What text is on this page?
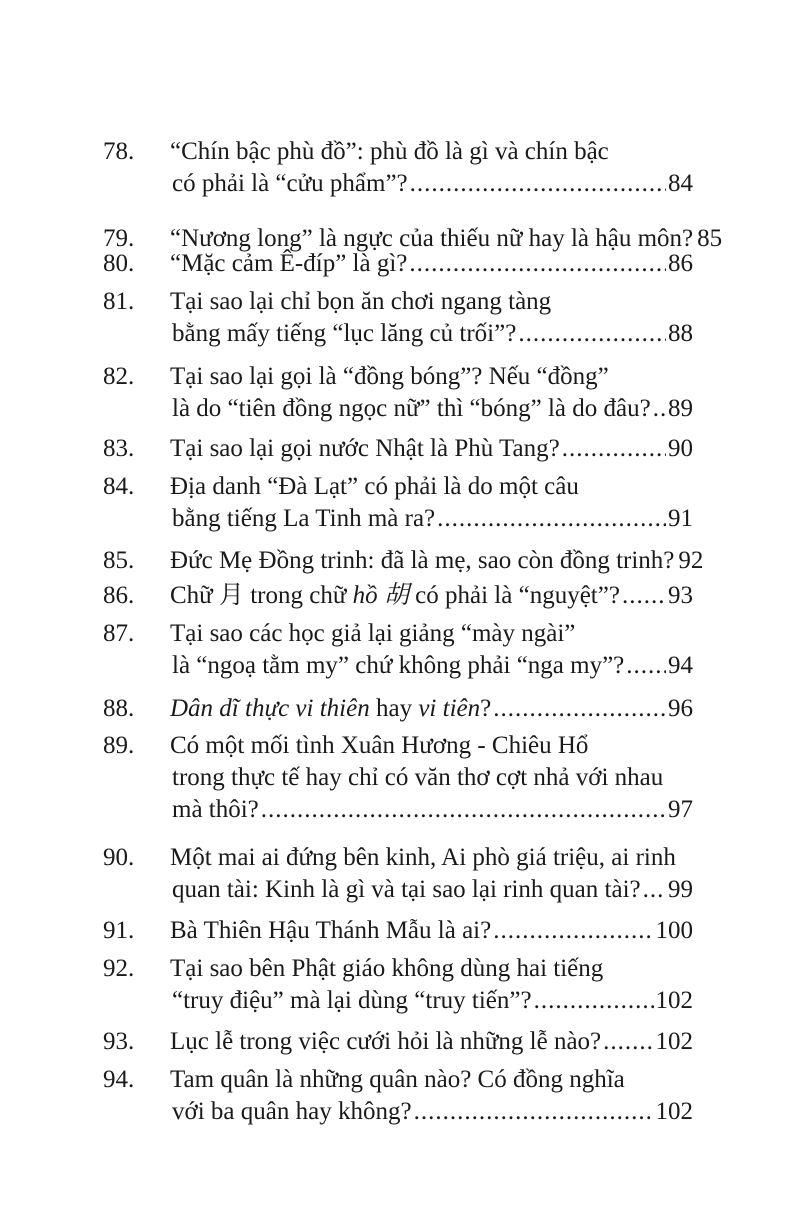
78.	“Chín bậc phù đồ”: phù đồ là gì và chín bậc
có phải là “cửu phẩm”? .....	84
79.	“Nương long” là ngực của thiếu nữ hay là hậu môn? 85
80.	“Mặc cảm Ê-đíp” là gì? .....	86
81.	Tại sao lại chỉ bọn ăn chơi ngang tàng
bằng mấy tiếng “lục lăng củ trối”? .....	88
82.	Tại sao lại gọi là “đồng bóng”? Nếu “đồng”
là do “tiên đồng ngọc nữ” thì “bóng” là do đâu? ..... 89
83.	Tại sao lại gọi nước Nhật là Phù Tang? .....	90
84.	Địa danh “Đà Lạt” có phải là do một câu
bằng tiếng La Tinh mà ra? .....	91
85.	Đức Mẹ Đồng trinh: đã là mẹ, sao còn đồng trinh? 92
86.	Chữ 月 trong chữ hồ 胡 có phải là “nguyệt”? ..... 93
87.	Tại sao các học giả lại giảng “mày ngài”
là “ngoạ tằm my” chứ không phải “nga my”? ..... 94
88.	Dân dĩ thực vi thiên hay vi tiên? .....	96
89.	Có một mối tình Xuân Hương - Chiêu Hổ
trong thực tế hay chỉ có văn thơ cợt nhả với nhau
mà thôi? .....	97
90.	Một mai ai đứng bên kinh, Ai phò giá triệu, ai rinh
quan tài: Kinh là gì và tại sao lại rinh quan tài? ..... 99
91.	Bà Thiên Hậu Thánh Mẫu là ai? .....	100
92.	Tại sao bên Phật giáo không dùng hai tiếng
“truy điệu” mà lại dùng “truy tiến”? .....	102
93.	Lục lễ trong việc cưới hỏi là những lễ nào? ..... 102
94.	Tam quân là những quân nào? Có đồng nghĩa
với ba quân hay không? .....	102
